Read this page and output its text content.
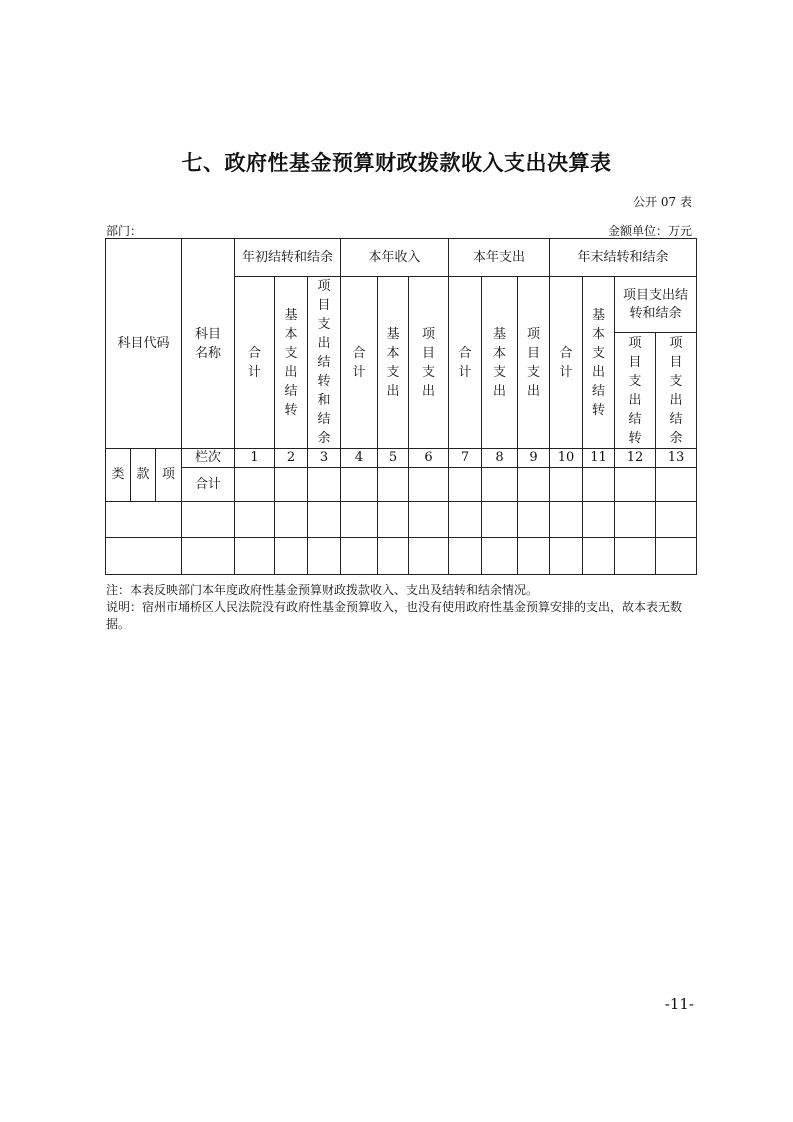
七、政府性基金预算财政拨款收入支出决算表
公开 07 表
部门：	金额单位：万元
科目代码			科目名称	年初结转和结余			本年收入			本年支出			年末结转和结余			
				合计	基本支出结转	项目支出结转和结余	合计	基本支出	项目支出	合计	基本支出	项目支出	合计	基本支出结转	项目支出结转和结余	
															项目支出结转	项目支出结余
类	款	项	栏次	1	2	3	4	5	6	7	8	9	10	11	12	13
			合计													

注：本表反映部门本年度政府性基金预算财政拨款收入、支出及结转和结余情况。
说明：宿州市埇桥区人民法院没有政府性基金预算收入，也没有使用政府性基金预算安排的支出，故本表无数据。
-11-
